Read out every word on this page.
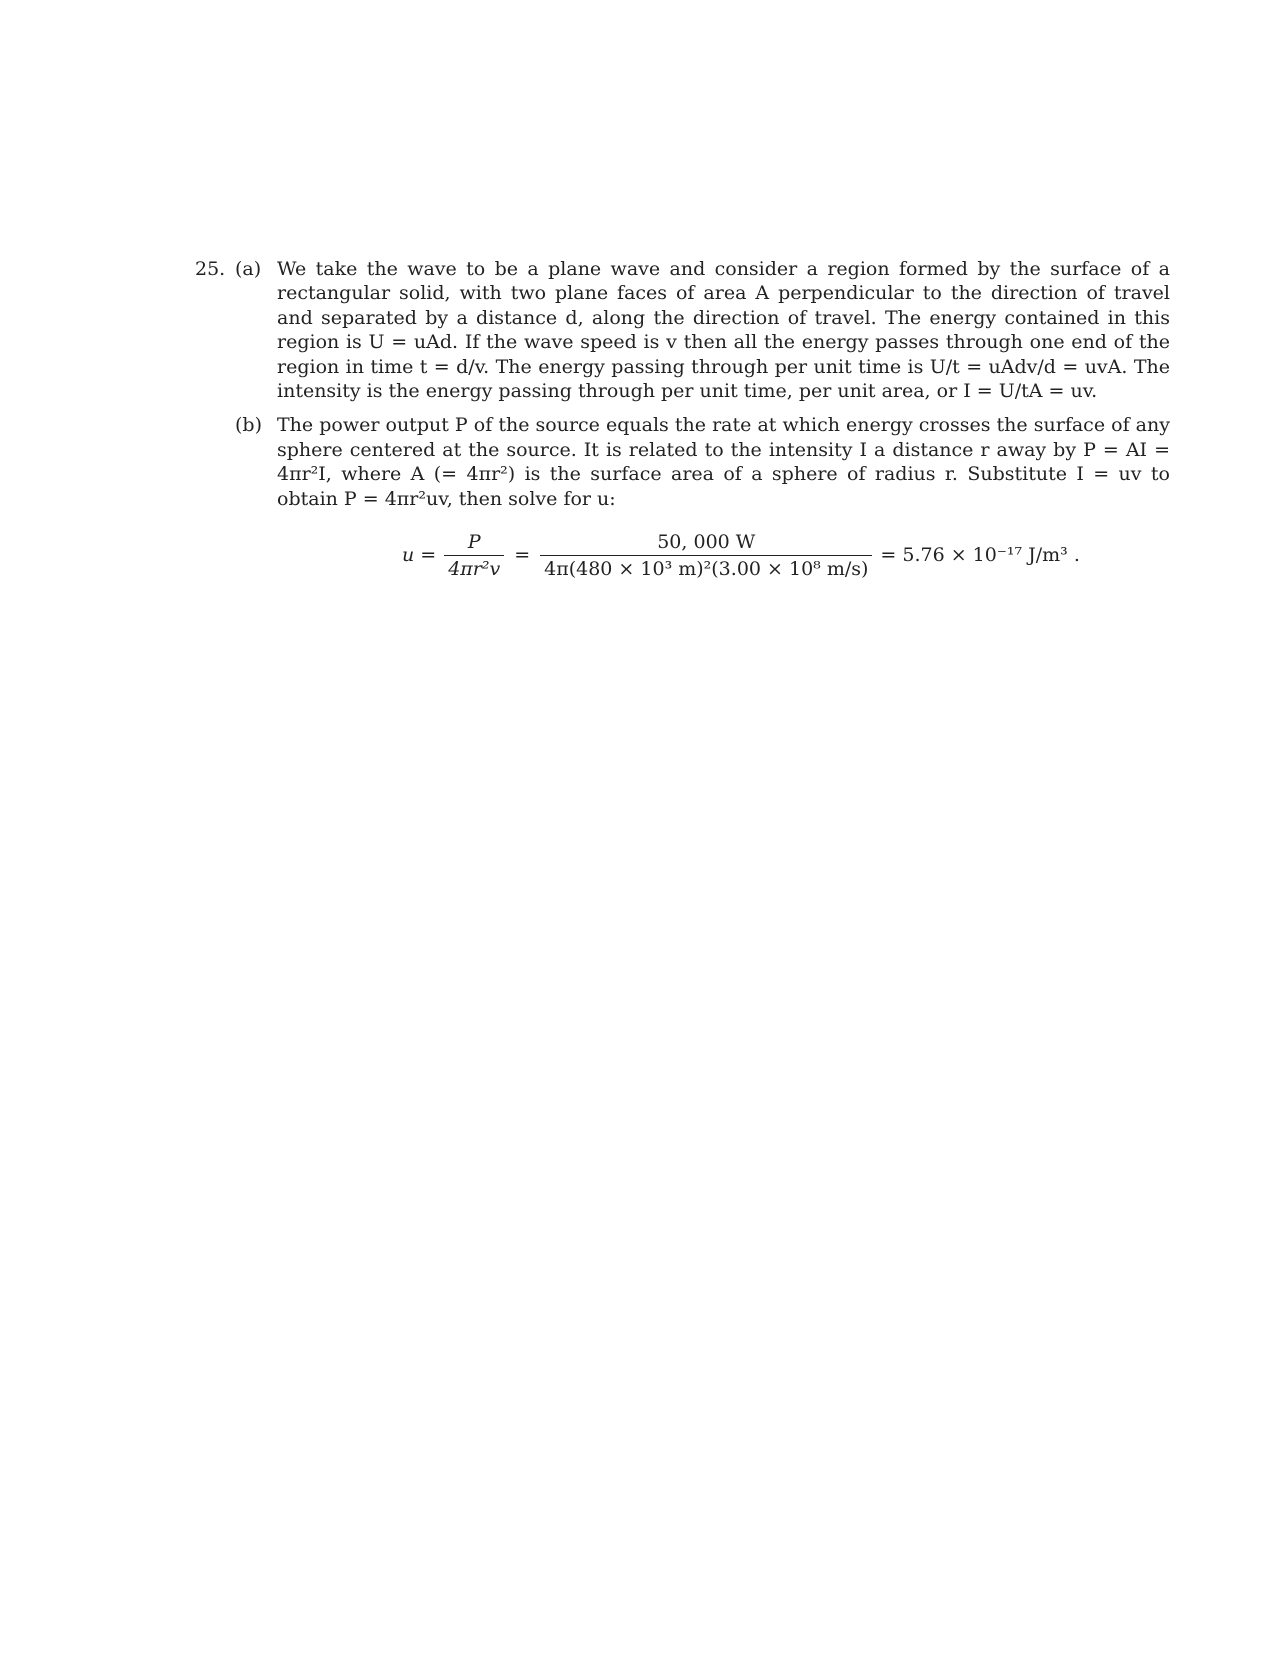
25. (a) We take the wave to be a plane wave and consider a region formed by the surface of a rectangular solid, with two plane faces of area A perpendicular to the direction of travel and separated by a distance d, along the direction of travel. The energy contained in this region is U = uAd. If the wave speed is v then all the energy passes through one end of the region in time t = d/v. The energy passing through per unit time is U/t = uAdv/d = uvA. The intensity is the energy passing through per unit time, per unit area, or I = U/tA = uv.
(b) The power output P of the source equals the rate at which energy crosses the surface of any sphere centered at the source. It is related to the intensity I a distance r away by P = AI = 4πr²I, where A (= 4πr²) is the surface area of a sphere of radius r. Substitute I = uv to obtain P = 4πr²uv, then solve for u:
$u = \frac{P}{\text{4πr²v}} = \frac{50, 000 W}{\text{4π(480 × 10³ m)²(3.00 × 10⁸ m/s)}} = 5.76 \times 10^{-17}$ J/m³ .
